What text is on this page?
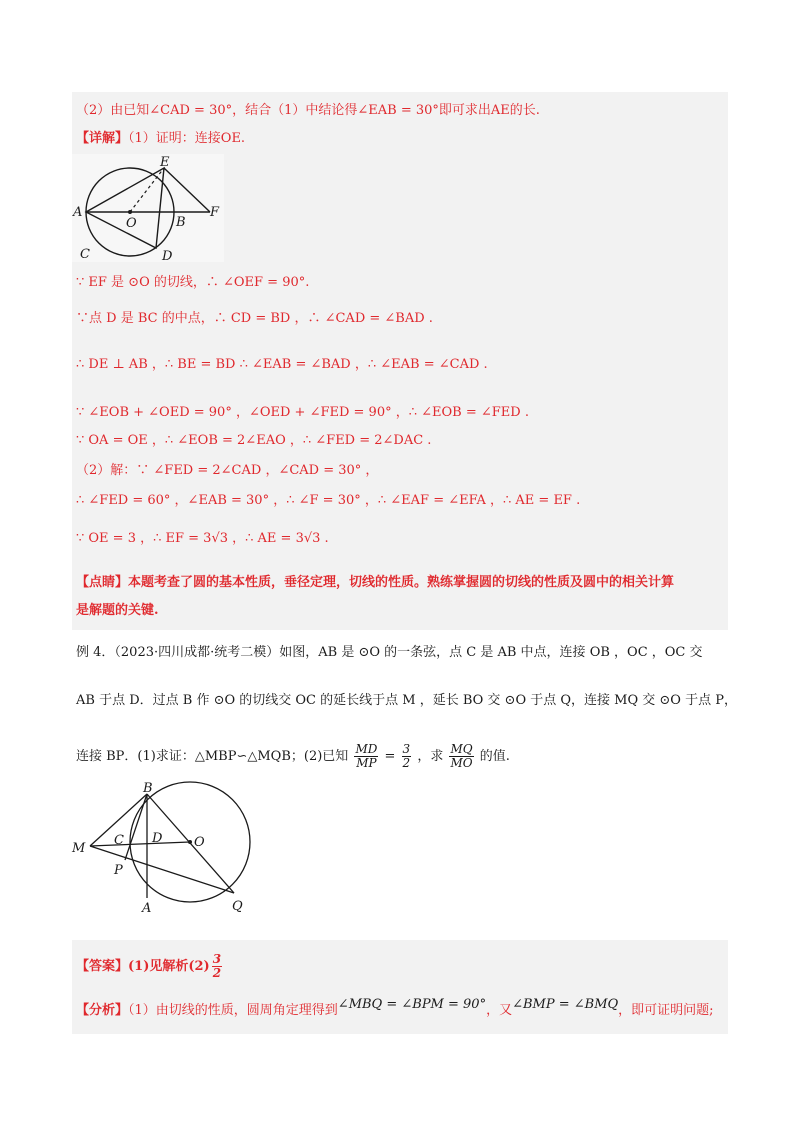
（2）由已知∠CAD = 30°，结合（1）中结论得∠EAB = 30°即可求出AE的长.
【详解】（1）证明：连接OE.
E
A
O	B
F
C	D
∵ EF 是 ⊙O 的切线，∴ ∠OEF = 90°.
∵点 D 是 BC 的中点，∴ CD = BD ，∴ ∠CAD = ∠BAD .
∴ DE ⊥ AB ，∴ BE = BD ∴ ∠EAB = ∠BAD ，∴ ∠EAB = ∠CAD .
∵ ∠EOB + ∠OED = 90° ，∠OED + ∠FED = 90° ，∴ ∠EOB = ∠FED .
∵ OA = OE ，∴ ∠EOB = 2∠EAO ，∴ ∠FED = 2∠DAC .
（2）解：∵ ∠FED = 2∠CAD ，∠CAD = 30° ，
∴ ∠FED = 60° ，∠EAB = 30° ，∴ ∠F = 30° ，∴ ∠EAF = ∠EFA ，∴ AE = EF .
∵ OE = 3 ，∴ EF = 3√3 ，∴ AE = 3√3 .
【点睛】本题考查了圆的基本性质，垂径定理，切线的性质。熟练掌握圆的切线的性质及圆中的相关计算
是解题的关键.
例 4．（2023·四川成都·统考二模）如图，AB 是 ⊙O 的一条弦，点 C 是 AB 中点，连接 OB ，OC ，OC 交
AB 于点 D．过点 B 作 ⊙O 的切线交 OC 的延长线于点 M ，延长 BO 交 ⊙O 于点 Q，连接 MQ 交 ⊙O 于点 P，
连接 BP．(1)求证：△MBP∽△MQB；(2)已知 $\frac{MD}{MP} = \frac{3}{2}$ ，求 $\frac{MQ}{MO}$ 的值.
B
M
C D O
P
A	Q
【答案】(1)见解析$(2) \frac{3}{2}$
【分析】（1）由切线的性质，圆周角定理得到∠MBQ = ∠BPM = 90°，又∠BMP = ∠BMQ，即可证明问题;
